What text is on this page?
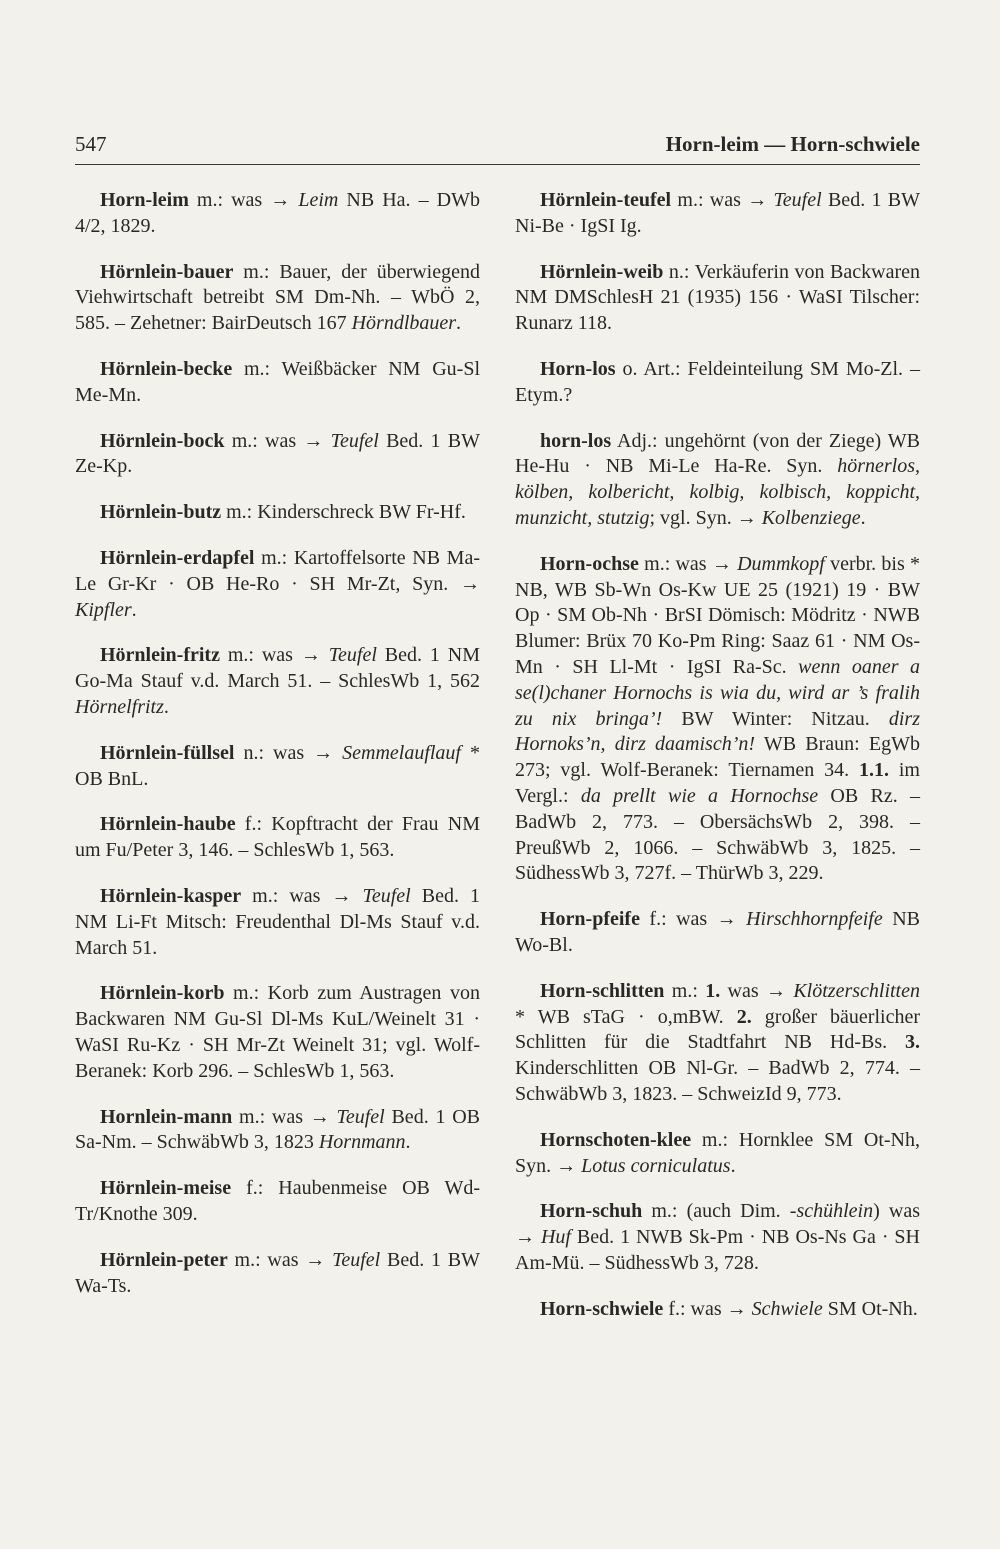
547	Horn-leim — Horn-schwiele

Horn-leim m.: was → Leim NB Ha. – DWb 4/2, 1829.

Hörnlein-bauer m.: Bauer, der überwiegend Viehwirtschaft betreibt SM Dm-Nh. – WbÖ 2, 585. – Zehetner: BairDeutsch 167 Hörndlbauer.

Hörnlein-becke m.: Weißbäcker NM Gu-Sl Me-Mn.

Hörnlein-bock m.: was → Teufel Bed. 1 BW Ze-Kp.

Hörnlein-butz m.: Kinderschreck BW Fr-Hf.

Hörnlein-erdapfel m.: Kartoffelsorte NB Ma-Le Gr-Kr · OB He-Ro · SH Mr-Zt, Syn. → Kipfler.

Hörnlein-fritz m.: was → Teufel Bed. 1 NM Go-Ma Stauf v.d. March 51. – SchlesWb 1, 562 Hörnelfritz.

Hörnlein-füllsel n.: was → Semmelauflauf * OB BnL.

Hörnlein-haube f.: Kopftracht der Frau NM um Fu/Peter 3, 146. – SchlesWb 1, 563.

Hörnlein-kasper m.: was → Teufel Bed. 1 NM Li-Ft Mitsch: Freudenthal Dl-Ms Stauf v.d. March 51.

Hörnlein-korb m.: Korb zum Austragen von Backwaren NM Gu-Sl Dl-Ms KuL/Weinelt 31 · WaSI Ru-Kz · SH Mr-Zt Weinelt 31; vgl. Wolf-Beranek: Korb 296. – SchlesWb 1, 563.

Hornlein-mann m.: was → Teufel Bed. 1 OB Sa-Nm. – SchwäbWb 3, 1823 Hornmann.

Hörnlein-meise f.: Haubenmeise OB Wd-Tr/Knothe 309.

Hörnlein-peter m.: was → Teufel Bed. 1 BW Wa-Ts.

Hörnlein-teufel m.: was → Teufel Bed. 1 BW Ni-Be · IgSI Ig.

Hörnlein-weib n.: Verkäuferin von Backwaren NM DMSchlesH 21 (1935) 156 · WaSI Tilscher: Runarz 118.

Horn-los o. Art.: Feldeinteilung SM Mo-Zl. – Etym.?

horn-los Adj.: ungehörnt (von der Ziege) WB He-Hu · NB Mi-Le Ha-Re. Syn. hörnerlos, kölben, kolbericht, kolbig, kolbisch, koppicht, munzicht, stutzig; vgl. Syn. → Kolbenziege.

Horn-ochse m.: was → Dummkopf verbr. bis * NB, WB Sb-Wn Os-Kw UE 25 (1921) 19 · BW Op · SM Ob-Nh · BrSI Dömisch: Mödritz · NWB Blumer: Brüx 70 Ko-Pm Ring: Saaz 61 · NM Os-Mn · SH Ll-Mt · IgSI Ra-Sc. wenn oaner a se(l)chaner Hornochs is wia du, wird ar ’s fralih zu nix bringa’! BW Winter: Nitzau. dirz Hornoks’n, dirz daamisch’n! WB Braun: EgWb 273; vgl. Wolf-Beranek: Tiernamen 34. 1.1. im Vergl.: da prellt wie a Hornochse OB Rz. – BadWb 2, 773. – ObersächsWb 2, 398. – PreußWb 2, 1066. – SchwäbWb 3, 1825. – SüdhessWb 3, 727f. – ThürWb 3, 229.

Horn-pfeife f.: was → Hirschhornpfeife NB Wo-Bl.

Horn-schlitten m.: 1. was → Klötzerschlitten * WB sTaG · o,mBW. 2. großer bäuerlicher Schlitten für die Stadtfahrt NB Hd-Bs. 3. Kinderschlitten OB Nl-Gr. – BadWb 2, 774. – SchwäbWb 3, 1823. – SchweizId 9, 773.

Hornschoten-klee m.: Hornklee SM Ot-Nh, Syn. → Lotus corniculatus.

Horn-schuh m.: (auch Dim. -schühlein) was → Huf Bed. 1 NWB Sk-Pm · NB Os-Ns Ga · SH Am-Mü. – SüdhessWb 3, 728.

Horn-schwiele f.: was → Schwiele SM Ot-Nh.
